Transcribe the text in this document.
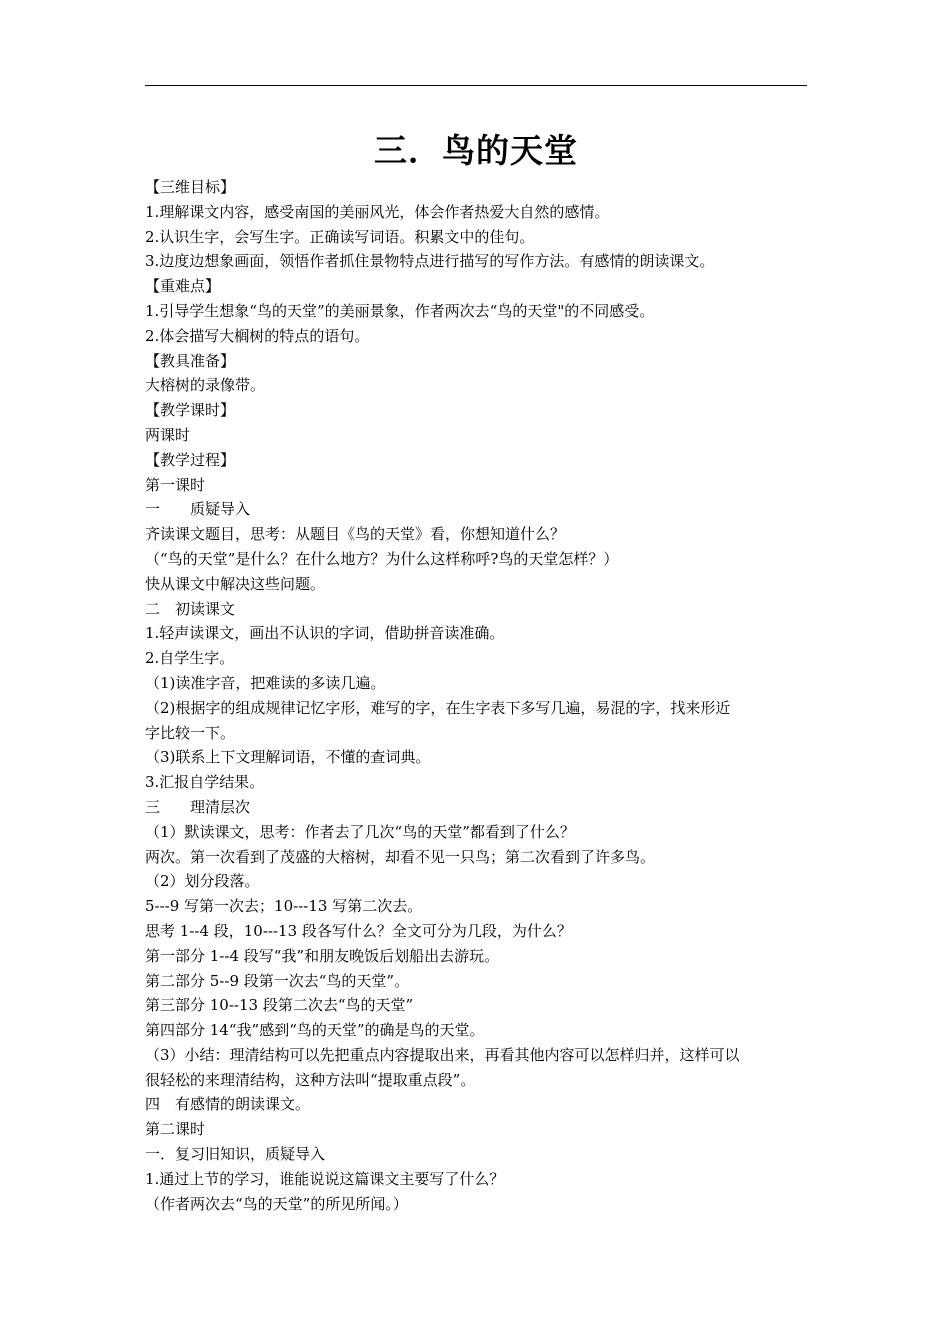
三．鸟的天堂
【三维目标】
1.理解课文内容，感受南国的美丽风光，体会作者热爱大自然的感情。
2.认识生字，会写生字。正确读写词语。积累文中的佳句。
3.边度边想象画面，领悟作者抓住景物特点进行描写的写作方法。有感情的朗读课文。
【重难点】
1.引导学生想象“鸟的天堂”的美丽景象，作者两次去“鸟的天堂"的不同感受。
2.体会描写大榈树的特点的语句。
【教具准备】
大榕树的录像带。
【教学课时】
两课时
【教学过程】
第一课时
一　　质疑导入
齐读课文题目，思考：从题目《鸟的天堂》看，你想知道什么？
（“鸟的天堂”是什么？在什么地方？为什么这样称呼?鸟的天堂怎样？）
快从课文中解决这些问题。
二　初读课文
1.轻声读课文，画出不认识的字词，借助拼音读准确。
2.自学生字。
（1)读准字音，把难读的多读几遍。
（2)根据字的组成规律记忆字形，难写的字，在生字表下多写几遍，易混的字，找来形近
字比较一下。
（3)联系上下文理解词语，不懂的查词典。
3.汇报自学结果。
三　　理清层次
（1）默读课文，思考：作者去了几次“鸟的天堂”都看到了什么？
两次。第一次看到了茂盛的大榕树，却看不见一只鸟；第二次看到了许多鸟。
（2）划分段落。
5---9 写第一次去；10---13 写第二次去。
思考 1--4 段，10---13 段各写什么？全文可分为几段，为什么？
第一部分 1--4 段写“我”和朋友晚饭后划船出去游玩。
第二部分 5--9 段第一次去“鸟的天堂”。
第三部分 10--13 段第二次去“鸟的天堂”
第四部分 14“我”感到“鸟的天堂”的确是鸟的天堂。
（3）小结：理清结构可以先把重点内容提取出来，再看其他内容可以怎样归并，这样可以
很轻松的来理清结构，这种方法叫“提取重点段”。
四　有感情的朗读课文。
第二课时
一．复习旧知识，质疑导入
1.通过上节的学习，谁能说说这篇课文主要写了什么？
（作者两次去“鸟的天堂”的所见所闻。）
